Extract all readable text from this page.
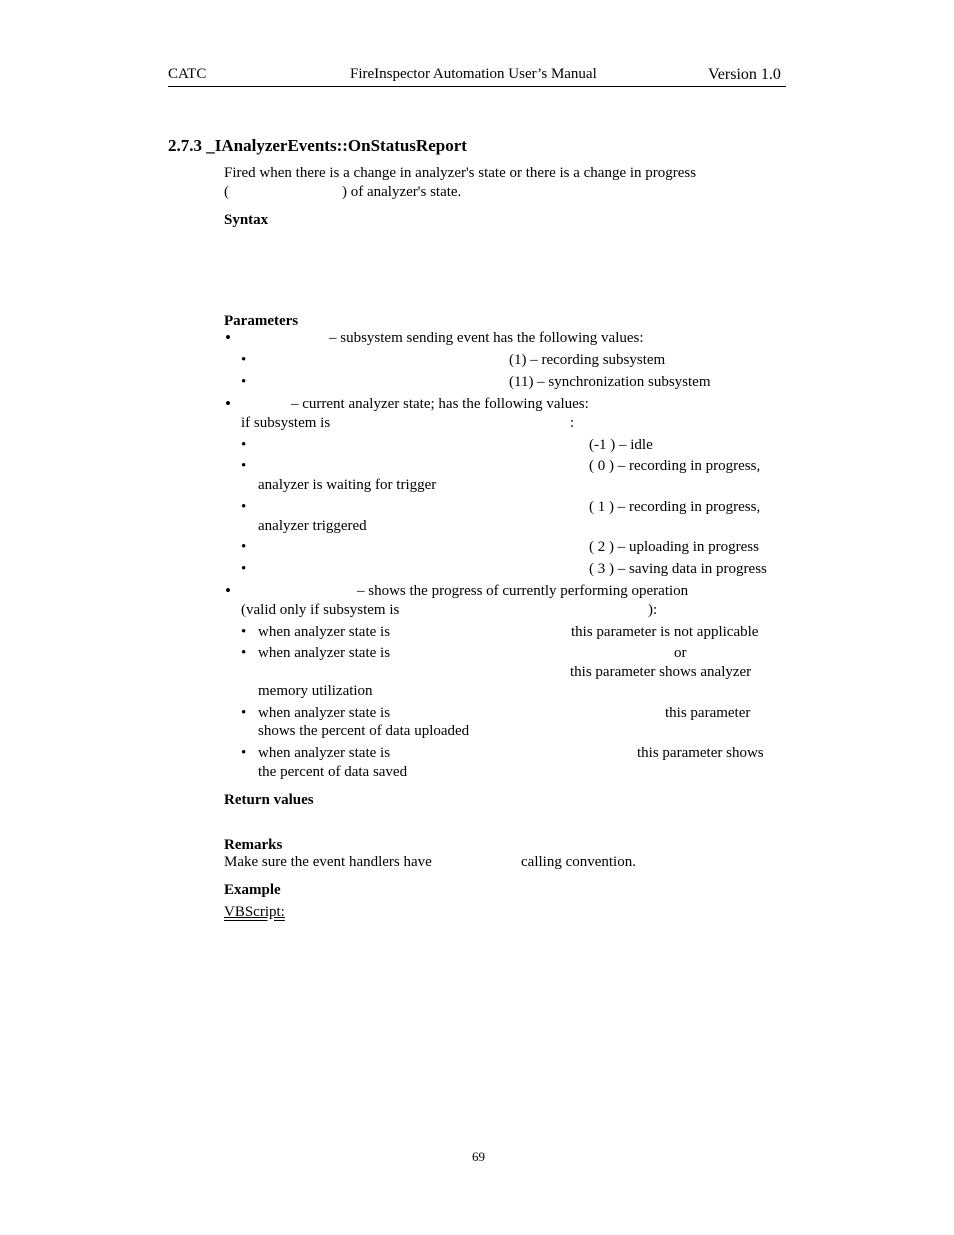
CATC	FireInspector Automation User’s Manual	Version 1.0
2.7.3 _IAnalyzerEvents::OnStatusReport
Fired when there is a change in analyzer's state or there is a change in progress
(	) of analyzer's state.
Syntax
Parameters
•	– subsystem sending event has the following values:
•	(1) – recording subsystem
•	(11) – synchronization subsystem
•	– current analyzer state; has the following values:
if subsystem is	:
•	(-1 ) – idle
•	( 0 ) – recording in progress,
analyzer is waiting for trigger
•	( 1 ) – recording in progress,
analyzer triggered
•	( 2 ) – uploading in progress
•	( 3 ) – saving data in progress
•	– shows the progress of currently performing operation
(valid only if subsystem is	):
• when analyzer state is	this parameter is not applicable
• when analyzer state is	or
this parameter shows analyzer
memory utilization
• when analyzer state is	this parameter
shows the percent of data uploaded
• when analyzer state is	this parameter shows
the percent of data saved
Return values
Remarks
Make sure the event handlers have	calling convention.
Example
VBScript:
69
